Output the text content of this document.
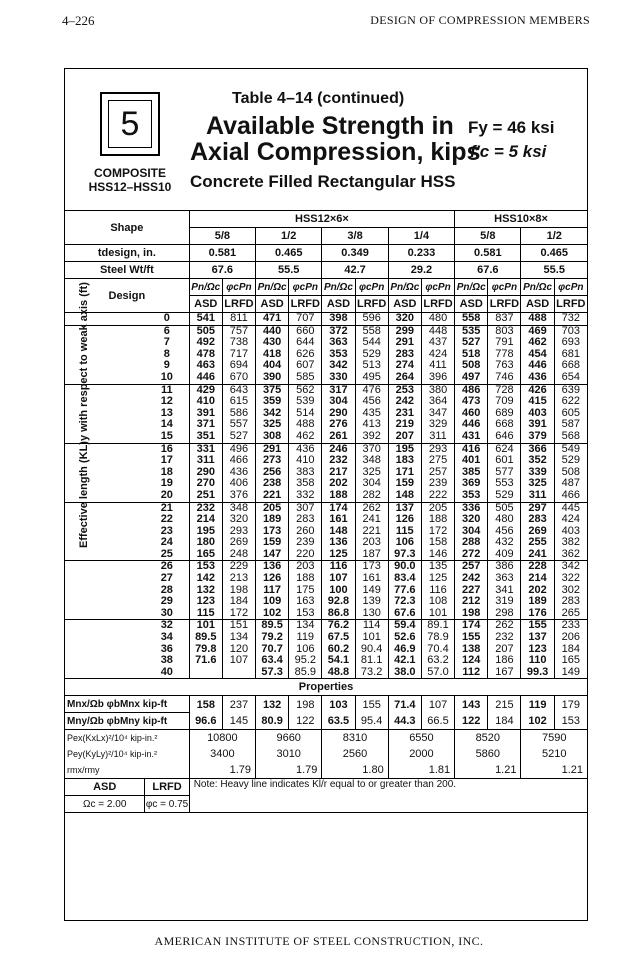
4–226	DESIGN OF COMPRESSION MEMBERS
5
COMPOSITE
HSS12–HSS10
Table 4–14 (continued)
Available Strength in
Axial Compression, kips
Concrete Filled Rectangular HSS
Fy = 46 ksi
f′c = 5 ksi
Shape		HSS12×6×								HSS10×8×			
		5/8		1/2		3/8		1/4		5/8		1/2	
tdesign, in.		0.581		0.465		0.349		0.233		0.581		0.465	
Steel Wt/ft		67.6		55.5		42.7		29.2		67.6		55.5	
Design		Pn/Ωc	φcPn	Pn/Ωc	φcPn	Pn/Ωc	φcPn	Pn/Ωc	φcPn	Pn/Ωc	φcPn	Pn/Ωc	φcPn
		ASD	LRFD	ASD	LRFD	ASD	LRFD	ASD	LRFD	ASD	LRFD	ASD	LRFD
	0	541	811	471	707	398	596	320	480	558	837	488	732
	6	505	757	440	660	372	558	299	448	535	803	469	703
	7	492	738	430	644	363	544	291	437	527	791	462	693
	8	478	717	418	626	353	529	283	424	518	778	454	681
	9	463	694	404	607	342	513	274	411	508	763	446	668
	10	446	670	390	585	330	495	264	396	497	746	436	654
	11	429	643	375	562	317	476	253	380	486	728	426	639
	12	410	615	359	539	304	456	242	364	473	709	415	622
	13	391	586	342	514	290	435	231	347	460	689	403	605
	14	371	557	325	488	276	413	219	329	446	668	391	587
	15	351	527	308	462	261	392	207	311	431	646	379	568
	16	331	496	291	436	246	370	195	293	416	624	366	549
	17	311	466	273	410	232	348	183	275	401	601	352	529
	18	290	436	256	383	217	325	171	257	385	577	339	508
	19	270	406	238	358	202	304	159	239	369	553	325	487
	20	251	376	221	332	188	282	148	222	353	529	311	466
	21	232	348	205	307	174	262	137	205	336	505	297	445
	22	214	320	189	283	161	241	126	188	320	480	283	424
	23	195	293	173	260	148	221	115	172	304	456	269	403
	24	180	269	159	239	136	203	106	158	288	432	255	382
	25	165	248	147	220	125	187	97.3	146	272	409	241	362
	26	153	229	136	203	116	173	90.0	135	257	386	228	342
	27	142	213	126	188	107	161	83.4	125	242	363	214	322
	28	132	198	117	175	100	149	77.6	116	227	341	202	302
	29	123	184	109	163	92.8	139	72.3	108	212	319	189	283
	30	115	172	102	153	86.8	130	67.6	101	198	298	176	265
	32	101	151	89.5	134	76.2	114	59.4	89.1	174	262	155	233
	34	89.5	134	79.2	119	67.5	101	52.6	78.9	155	232	137	206
	36	79.8	120	70.7	106	60.2	90.4	46.9	70.4	138	207	123	184
	38	71.6	107	63.4	95.2	54.1	81.1	42.1	63.2	124	186	110	165
	40			57.3	85.9	48.8	73.2	38.0	57.0	112	167	99.3	149
Properties													
Mnx/Ωb φbMnx kip-ft		158	237	132	198	103	155	71.4	107	143	215	119	179
Mny/Ωb φbMny kip-ft		96.6	145	80.9	122	63.5	95.4	44.3	66.5	122	184	102	153
Pex(KxLx)²/10⁴ kip-in.²		10800		9660		8310		6550		8520		7590	
Pey(KyLy)²/10⁴ kip-in.²		3400		3010		2560		2000		5860		5210	
rmx/rmy		1.79		1.79		1.80		1.81		1.21		1.21	
ASD	LRFD	Note: Heavy line indicates Kl/r equal to or greater than 200.											
Ωc = 2.00	φc = 0.75												
Effective length (KL)y with respect to weak axis (ft)
AMERICAN INSTITUTE OF STEEL CONSTRUCTION, INC.
